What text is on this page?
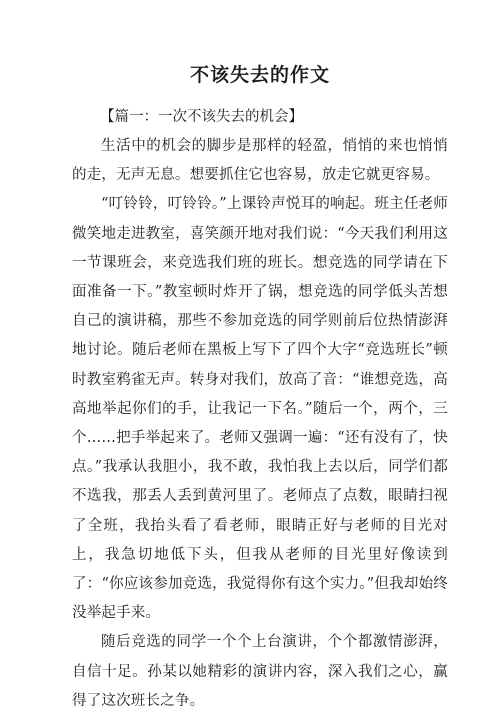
不该失去的作文
【篇一：一次不该失去的机会】

生活中的机会的脚步是那样的轻盈，悄悄的来也悄悄的走，无声无息。想要抓住它也容易，放走它就更容易。

“叮铃铃，叮铃铃。”上课铃声悦耳的响起。班主任老师微笑地走进教室，喜笑颜开地对我们说：“今天我们利用这一节课班会，来竞选我们班的班长。想竞选的同学请在下面准备一下。”教室顿时炸开了锅，想竞选的同学低头苦想自己的演讲稿，那些不参加竞选的同学则前后位热情澎湃地讨论。随后老师在黑板上写下了四个大字“竞选班长”顿时教室鸦雀无声。转身对我们，放高了音：“谁想竞选，高高地举起你们的手，让我记一下名。”随后一个，两个，三个……把手举起来了。老师又强调一遍：“还有没有了，快点。”我承认我胆小，我不敢，我怕我上去以后，同学们都不选我，那丢人丢到黄河里了。老师点了点数，眼睛扫视了全班，我抬头看了看老师，眼睛正好与老师的目光对上，我急切地低下头，但我从老师的目光里好像读到了：“你应该参加竞选，我觉得你有这个实力。”但我却始终没举起手来。

随后竞选的同学一个个上台演讲，个个都激情澎湃，自信十足。孙某以她精彩的演讲内容，深入我们之心，赢得了这次班长之争。
